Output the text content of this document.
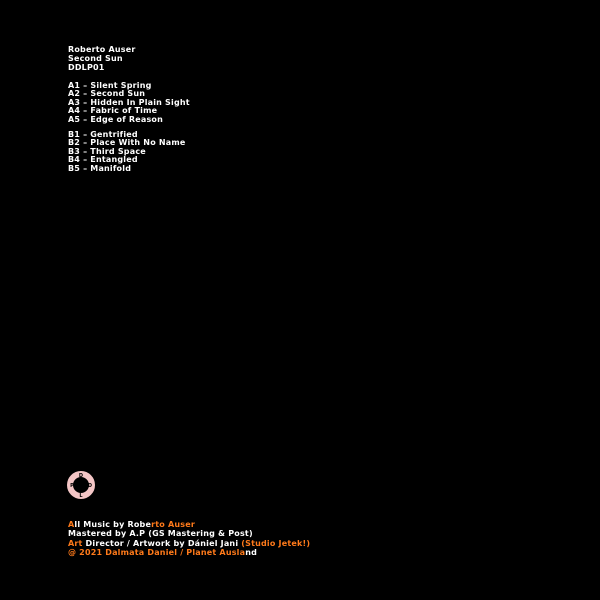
Roberto Auser
Second Sun
DDLP01
A1 – Silent Spring
A2 – Second Sun
A3 – Hidden In Plain Sight
A4 – Fabric of Time
A5 – Edge of Reason
B1 – Gentrified
B2 – Place With No Name
B3 – Third Space
B4 – Entangled
B5 – Manifold
D
D
L
P
All Music by Roberto Auser
Mastered by A.P (GS Mastering & Post)
Art Director / Artwork by Dániel Jani (Studio Jetek!)
@ 2021 Dalmata Daniel / Planet Ausland
